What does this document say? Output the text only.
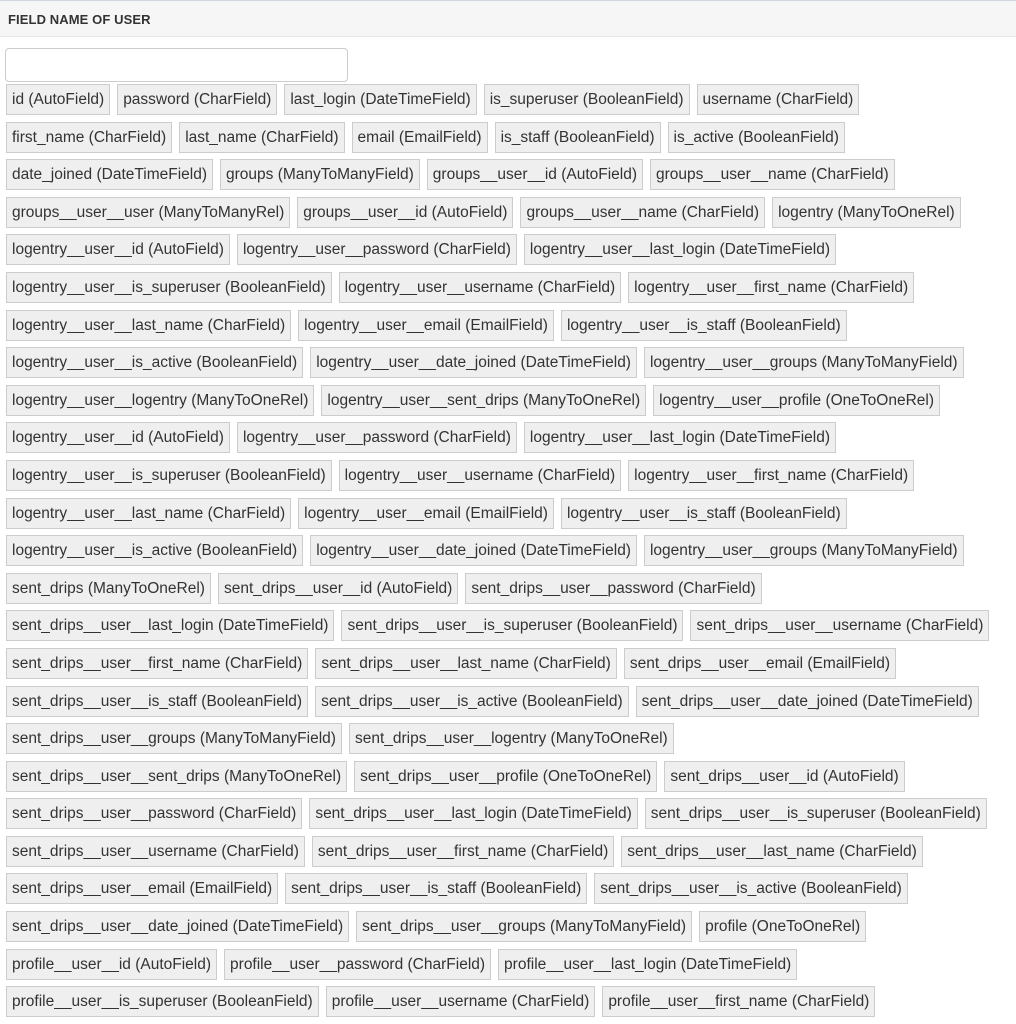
FIELD NAME OF USER
id (AutoField)	password (CharField)	last_login (DateTimeField)	is_superuser (BooleanField)	username (CharField)
first_name (CharField)	last_name (CharField)	email (EmailField)	is_staff (BooleanField)	is_active (BooleanField)
date_joined (DateTimeField)	groups (ManyToManyField)	groups__user__id (AutoField)	groups__user__name (CharField)
groups__user__user (ManyToManyRel)	groups__user__id (AutoField)	groups__user__name (CharField)	logentry (ManyToOneRel)
logentry__user__id (AutoField)	logentry__user__password (CharField)	logentry__user__last_login (DateTimeField)
logentry__user__is_superuser (BooleanField)	logentry__user__username (CharField)	logentry__user__first_name (CharField)
logentry__user__last_name (CharField)	logentry__user__email (EmailField)	logentry__user__is_staff (BooleanField)
logentry__user__is_active (BooleanField)	logentry__user__date_joined (DateTimeField)	logentry__user__groups (ManyToManyField)
logentry__user__logentry (ManyToOneRel)	logentry__user__sent_drips (ManyToOneRel)	logentry__user__profile (OneToOneRel)
logentry__user__id (AutoField)	logentry__user__password (CharField)	logentry__user__last_login (DateTimeField)
logentry__user__is_superuser (BooleanField)	logentry__user__username (CharField)	logentry__user__first_name (CharField)
logentry__user__last_name (CharField)	logentry__user__email (EmailField)	logentry__user__is_staff (BooleanField)
logentry__user__is_active (BooleanField)	logentry__user__date_joined (DateTimeField)	logentry__user__groups (ManyToManyField)
sent_drips (ManyToOneRel)	sent_drips__user__id (AutoField)	sent_drips__user__password (CharField)
sent_drips__user__last_login (DateTimeField)	sent_drips__user__is_superuser (BooleanField)	sent_drips__user__username (CharField)
sent_drips__user__first_name (CharField)	sent_drips__user__last_name (CharField)	sent_drips__user__email (EmailField)
sent_drips__user__is_staff (BooleanField)	sent_drips__user__is_active (BooleanField)	sent_drips__user__date_joined (DateTimeField)
sent_drips__user__groups (ManyToManyField)	sent_drips__user__logentry (ManyToOneRel)
sent_drips__user__sent_drips (ManyToOneRel)	sent_drips__user__profile (OneToOneRel)	sent_drips__user__id (AutoField)
sent_drips__user__password (CharField)	sent_drips__user__last_login (DateTimeField)	sent_drips__user__is_superuser (BooleanField)
sent_drips__user__username (CharField)	sent_drips__user__first_name (CharField)	sent_drips__user__last_name (CharField)
sent_drips__user__email (EmailField)	sent_drips__user__is_staff (BooleanField)	sent_drips__user__is_active (BooleanField)
sent_drips__user__date_joined (DateTimeField)	sent_drips__user__groups (ManyToManyField)	profile (OneToOneRel)
profile__user__id (AutoField)	profile__user__password (CharField)	profile__user__last_login (DateTimeField)
profile__user__is_superuser (BooleanField)	profile__user__username (CharField)	profile__user__first_name (CharField)
